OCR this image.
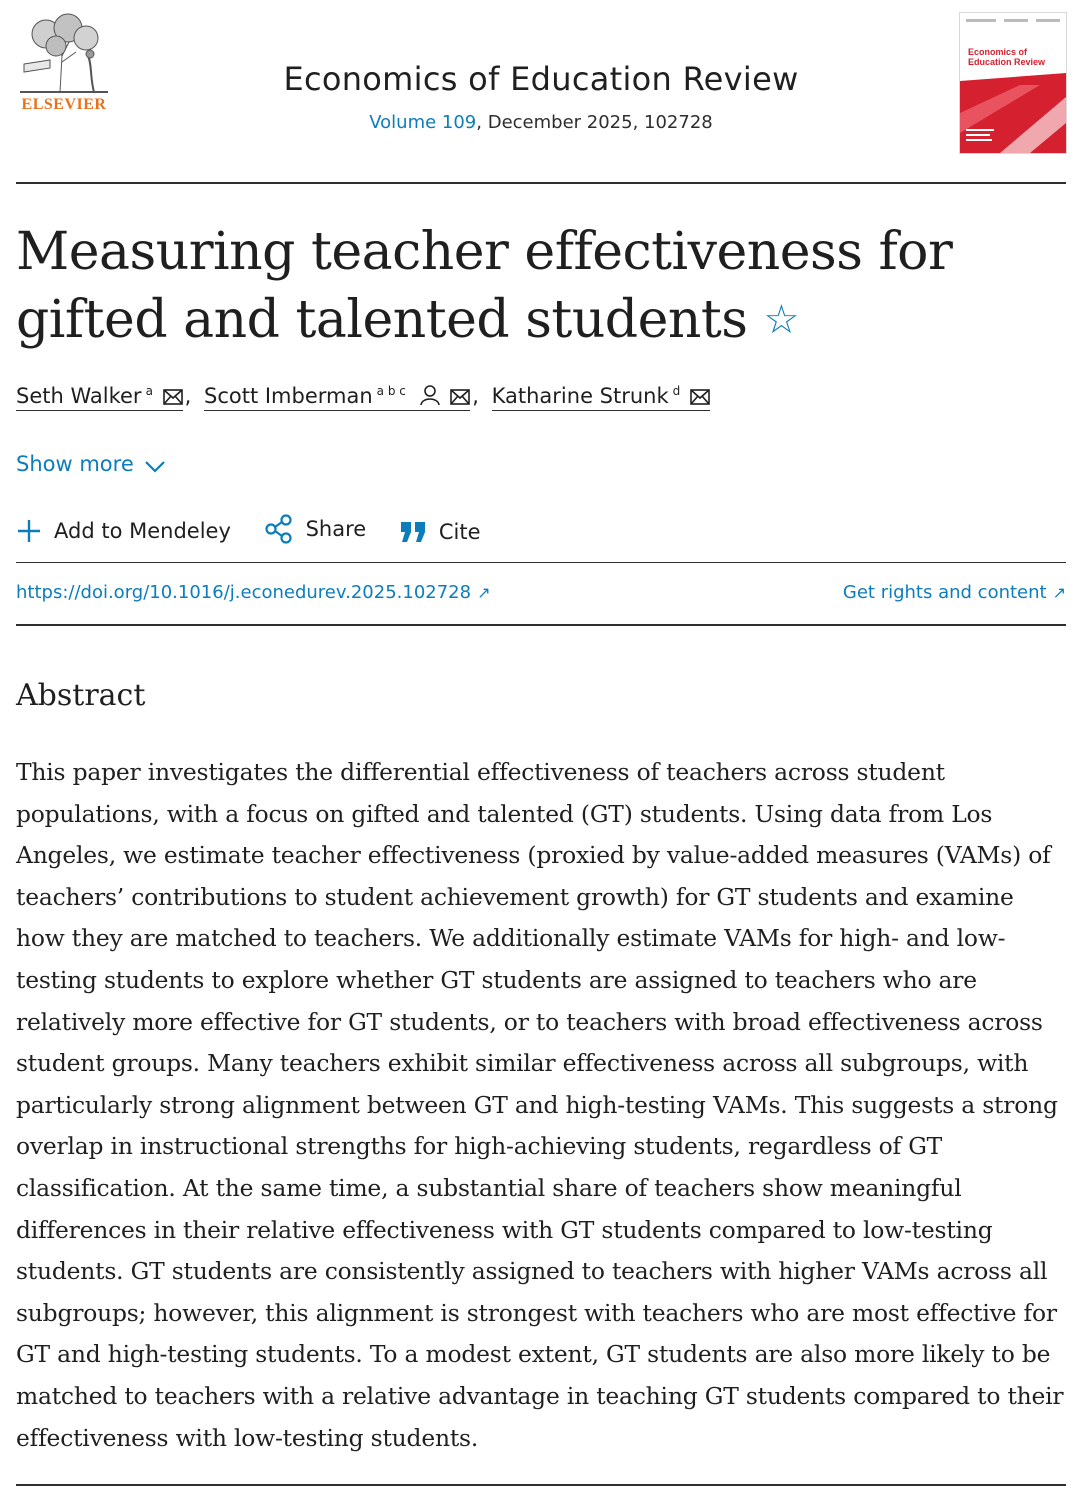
ELSEVIER
Economics of Education Review
Volume 109, December 2025, 102728
Economics of Education Review
Measuring teacher effectiveness for gifted and talented students ☆
Seth Walker $^a$ , Scott Imberman $^{a b c}$	, Katharine Strunk $^d$
Show more
Add to Mendeley
	Share
	Cite
https://doi.org/10.1016/j.econedurev.2025.102728 ↗	Get rights and content ↗
Abstract

This paper investigates the differential effectiveness of teachers across student populations, with a focus on gifted and talented (GT) students. Using data from Los Angeles, we estimate teacher effectiveness (proxied by value-added measures (VAMs) of teachers’ contributions to student achievement growth) for GT students and examine how they are matched to teachers. We additionally estimate VAMs for high- and low-testing students to explore whether GT students are assigned to teachers who are relatively more effective for GT students, or to teachers with broad effectiveness across student groups. Many teachers exhibit similar effectiveness across all subgroups, with particularly strong alignment between GT and high-testing VAMs. This suggests a strong overlap in instructional strengths for high-achieving students, regardless of GT classification. At the same time, a substantial share of teachers show meaningful differences in their relative effectiveness with GT students compared to low-testing students. GT students are consistently assigned to teachers with higher VAMs across all subgroups; however, this alignment is strongest with teachers who are most effective for GT and high-testing students. To a modest extent, GT students are also more likely to be matched to teachers with a relative advantage in teaching GT students compared to their effectiveness with low-testing students.
